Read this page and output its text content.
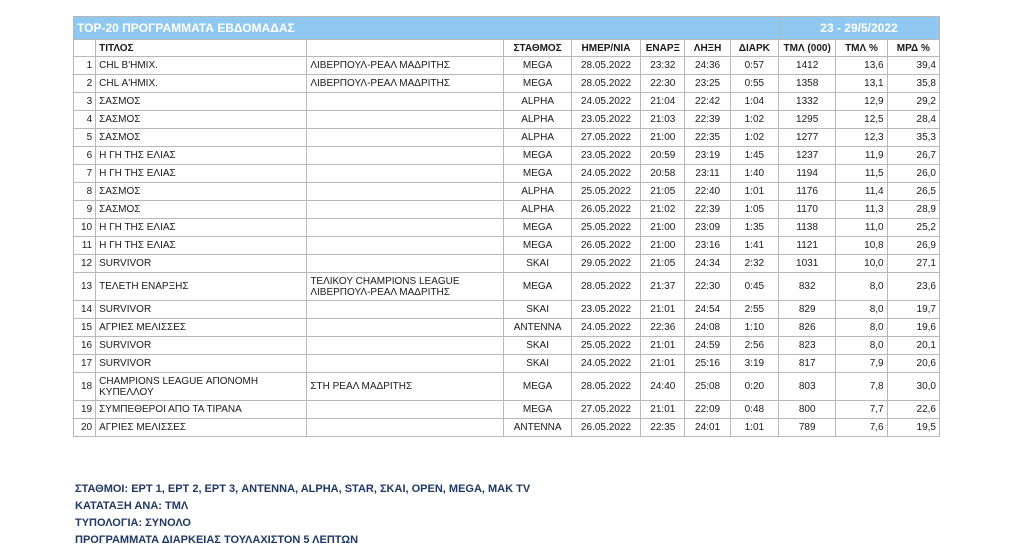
TOP-20 ΠΡΟΓΡΑΜΜΑΤΑ ΕΒΔΟΜΑΔΑΣ								23 - 29/5/2022		
	ΤΙΤΛΟΣ		ΣΤΑΘΜΟΣ	ΗΜΕΡ/ΝΙΑ	ΕΝΑΡΞ	ΛΗΞΗ	ΔΙΑΡΚ	ΤΜΛ (000)	ΤΜΛ %	ΜΡΔ %
1	CHL Β'ΗΜΙΧ.	ΛΙΒΕΡΠΟΥΛ-ΡΕΑΛ ΜΑΔΡΙΤΗΣ	MEGA	28.05.2022	23:32	24:36	0:57	1412	13,6	39,4
2	CHL Α'ΗΜΙΧ.	ΛΙΒΕΡΠΟΥΛ-ΡΕΑΛ ΜΑΔΡΙΤΗΣ	MEGA	28.05.2022	22:30	23:25	0:55	1358	13,1	35,8
3	ΣΑΣΜΟΣ		ALPHA	24.05.2022	21:04	22:42	1:04	1332	12,9	29,2
4	ΣΑΣΜΟΣ		ALPHA	23.05.2022	21:03	22:39	1:02	1295	12,5	28,4
5	ΣΑΣΜΟΣ		ALPHA	27.05.2022	21:00	22:35	1:02	1277	12,3	35,3
6	Η ΓΗ ΤΗΣ ΕΛΙΑΣ		MEGA	23.05.2022	20:59	23:19	1:45	1237	11,9	26,7
7	Η ΓΗ ΤΗΣ ΕΛΙΑΣ		MEGA	24.05.2022	20:58	23:11	1:40	1194	11,5	26,0
8	ΣΑΣΜΟΣ		ALPHA	25.05.2022	21:05	22:40	1:01	1176	11,4	26,5
9	ΣΑΣΜΟΣ		ALPHA	26.05.2022	21:02	22:39	1:05	1170	11,3	28,9
10	Η ΓΗ ΤΗΣ ΕΛΙΑΣ		MEGA	25.05.2022	21:00	23:09	1:35	1138	11,0	25,2
11	Η ΓΗ ΤΗΣ ΕΛΙΑΣ		MEGA	26.05.2022	21:00	23:16	1:41	1121	10,8	26,9
12	SURVIVOR		SKAI	29.05.2022	21:05	24:34	2:32	1031	10,0	27,1
13	ΤΕΛΕΤΗ ΕΝΑΡΞΗΣ	ΤΕΛΙΚΟΥ CHAMPIONS LEAGUE ΛΙΒΕΡΠΟΥΛ-ΡΕΑΛ ΜΑΔΡΙΤΗΣ	MEGA	28.05.2022	21:37	22:30	0:45	832	8,0	23,6
14	SURVIVOR		SKAI	23.05.2022	21:01	24:54	2:55	829	8,0	19,7
15	ΑΓΡΙΕΣ ΜΕΛΙΣΣΕΣ		ANTENNA	24.05.2022	22:36	24:08	1:10	826	8,0	19,6
16	SURVIVOR		SKAI	25.05.2022	21:01	24:59	2:56	823	8,0	20,1
17	SURVIVOR		SKAI	24.05.2022	21:01	25:16	3:19	817	7,9	20,6
18	CHAMPIONS LEAGUE ΑΠΟΝΟΜΗ ΚΥΠΕΛΛΟΥ	ΣΤΗ ΡΕΑΛ ΜΑΔΡΙΤΗΣ	MEGA	28.05.2022	24:40	25:08	0:20	803	7,8	30,0
19	ΣΥΜΠΕΘΕΡΟΙ ΑΠΟ ΤΑ ΤΙΡΑΝΑ		MEGA	27.05.2022	21:01	22:09	0:48	800	7,7	22,6
20	ΑΓΡΙΕΣ ΜΕΛΙΣΣΕΣ		ANTENNA	26.05.2022	22:35	24:01	1:01	789	7,6	19,5
ΣΤΑΘΜΟΙ: ΕΡΤ 1, ΕΡΤ 2, ΕΡΤ 3, ANTENNA, ALPHA, STAR, ΣΚΑΙ, OPEN, MEGA, MAK TV
ΚΑΤΑΤΑΞΗ ΑΝΑ: ΤΜΛ
ΤΥΠΟΛΟΓΙΑ: ΣΥΝΟΛΟ
ΠΡΟΓΡΑΜΜΑΤΑ ΔΙΑΡΚΕΙΑΣ ΤΟΥΛΑΧΙΣΤΟΝ 5 ΛΕΠΤΩΝ
